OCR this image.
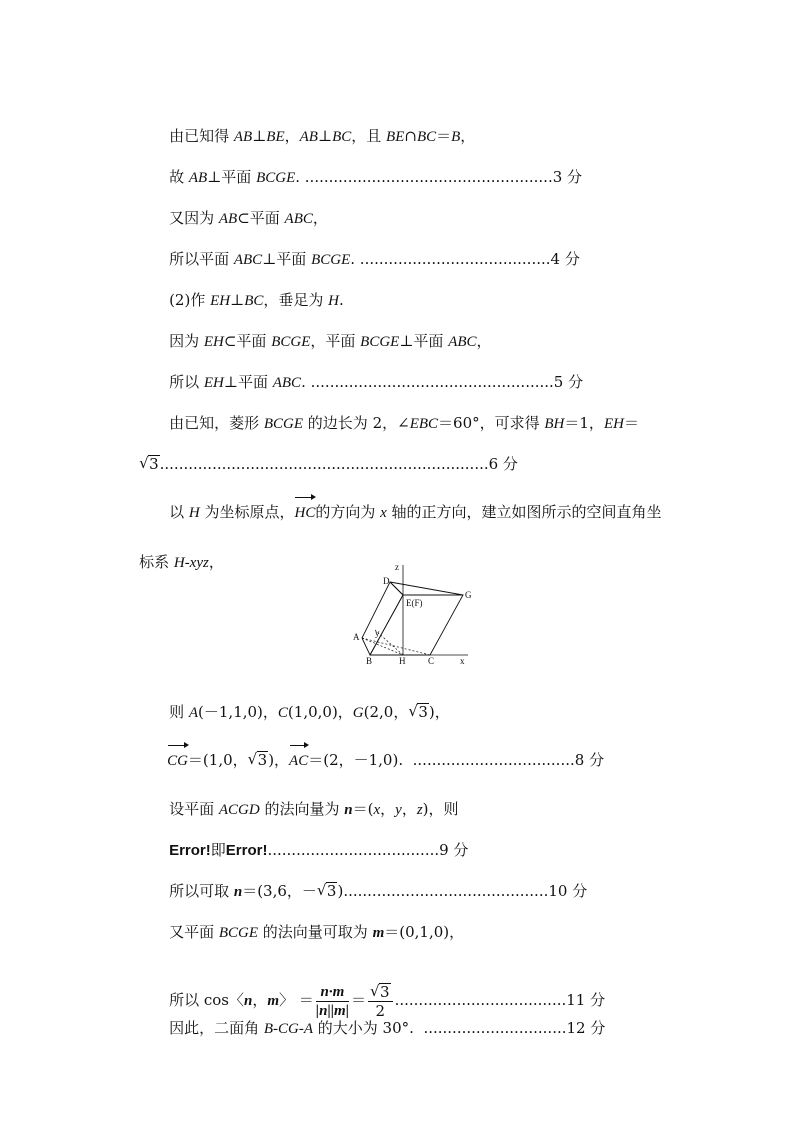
由已知得 AB⊥BE，AB⊥BC，且 BE∩BC＝B，

故 AB⊥平面 BCGE. ....................................................3 分

又因为 AB⊂平面 ABC，

所以平面 ABC⊥平面 BCGE. ........................................4 分

(2)作 EH⊥BC，垂足为 H.

因为 EH⊂平面 BCGE，平面 BCGE⊥平面 ABC，

所以 EH⊥平面 ABC. ...................................................5 分

由已知，菱形 BCGE 的边长为 2，∠EBC＝60°，可求得 BH＝1，EH＝

√ 3.....................................................................6 分

以 H 为坐标原点，HC的方向为 x 轴的正方向，建立如图所示的空间直角坐

标系 H-xyz，
	z
D
E(F)
G
A y
B	H	C	x

则 A(－1,1,0)，C(1,0,0)，G(2,0， √ 3)，

CG＝(1,0， √ 3)，AC＝(2，－1,0).  ..................................8 分

设平面 ACGD 的法向量为 n＝(x，y，z)，则

Error!即Error!....................................9 分

所以可取 n＝(3,6，－ √ 3)...........................................10 分

又平面 BCGE 的法向量可取为 m＝(0,1,0)，

所以 cos〈n，m〉 ＝ $\frac{n\cdot m}{|n||m|} = \frac{√ 3}{2} ....................................11$ 分

因此，二面角 B-CG-A 的大小为 30°.  ..............................12 分
